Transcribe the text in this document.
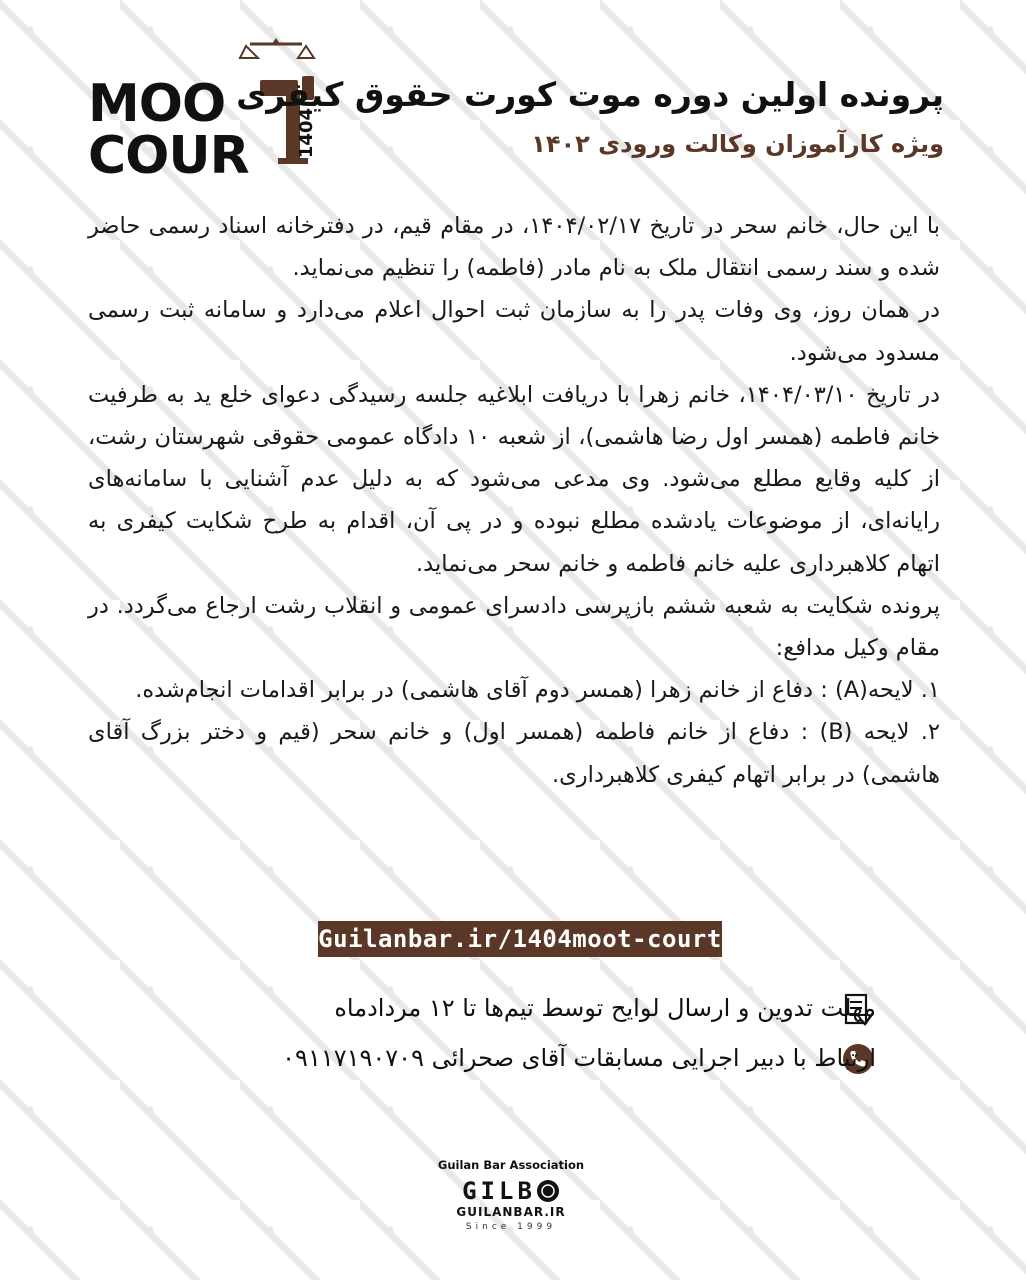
MOO
COUR	1404
پرونده اولین دوره موت کورت حقوق کیفری
ویژه کارآموزان وکالت ورودی ۱۴۰۲

با این حال، خانم سحر در تاریخ ۱۴۰۴/۰۲/۱۷، در مقام قیم، در دفترخانه اسناد رسمی حاضر شده و سند رسمی انتقال ملک به نام مادر (فاطمه) را تنظیم می‌نماید.

در همان روز، وی وفات پدر را به سازمان ثبت احوال اعلام می‌دارد و سامانه ثبت رسمی مسدود می‌شود.

در تاریخ ۱۴۰۴/۰۳/۱۰، خانم زهرا با دریافت ابلاغیه جلسه رسیدگی دعوای خلع ید به طرفیت خانم فاطمه (همسر اول رضا هاشمی)، از شعبه ۱۰ دادگاه عمومی حقوقی شهرستان رشت، از کلیه وقایع مطلع می‌شود. وی مدعی می‌شود که به دلیل عدم آشنایی با سامانه‌های رایانه‌ای، از موضوعات یادشده مطلع نبوده و در پی آن، اقدام به طرح شکایت کیفری به اتهام کلاهبرداری علیه خانم فاطمه و خانم سحر می‌نماید.

پرونده شکایت به شعبه ششم بازپرسی دادسرای عمومی و انقلاب رشت ارجاع می‌گردد. در مقام وکیل مدافع:

۱. لایحه(A) : دفاع از خانم زهرا (همسر دوم آقای هاشمی) در برابر اقدامات انجام‌شده.

۲. لایحه (B) : دفاع از خانم فاطمه (همسر اول) و خانم سحر (قیم و دختر بزرگ آقای هاشمی) در برابر اتهام کیفری کلاهبرداری.

Guilanbar.ir/1404moot-court
مهلت تدوین و ارسال لوایح توسط تیم‌ها تا ۱۲ مردادماه
ارتباط با دبیر اجرایی مسابقات آقای صحرائی ۰۹۱۱۷۱۹۰۷۰۹
Guilan Bar Association
GILB
GUILANBAR.IR
Since 1999
